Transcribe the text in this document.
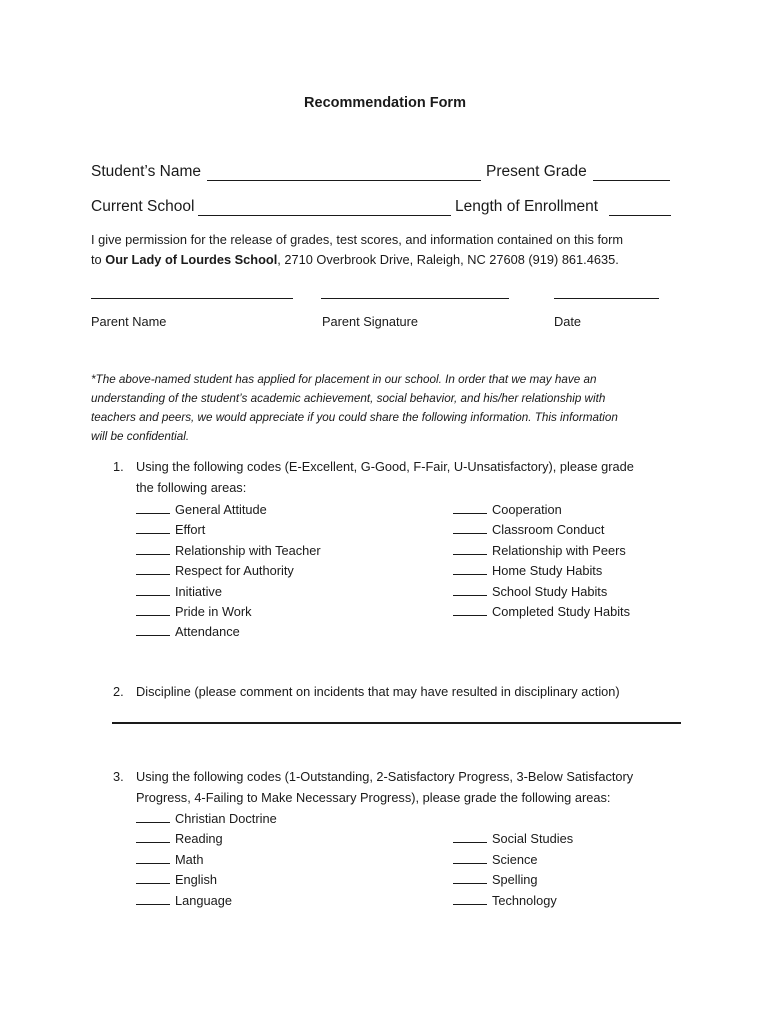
Recommendation Form
Student’s Name	Present Grade
Current School	Length of Enrollment
I give permission for the release of grades, test scores, and information contained on this form
to Our Lady of Lourdes School, 2710 Overbrook Drive, Raleigh, NC 27608 (919) 861.4635.
Parent Name	Parent Signature	Date
*The above-named student has applied for placement in our school. In order that we may have an
understanding of the student’s academic achievement, social behavior, and his/her relationship with
teachers and peers, we would appreciate if you could share the following information. This information
will be confidential.
1. Using the following codes (E-Excellent, G-Good, F-Fair, U-Unsatisfactory), please grade
the following areas:
General Attitude
Effort
Relationship with Teacher
Respect for Authority
Initiative
Pride in Work
Attendance
Cooperation
Classroom Conduct
Relationship with Peers
Home Study Habits
School Study Habits
Completed Study Habits
2. Discipline (please comment on incidents that may have resulted in disciplinary action)
3. Using the following codes (1-Outstanding, 2-Satisfactory Progress, 3-Below Satisfactory
Progress, 4-Failing to Make Necessary Progress), please grade the following areas:
Christian Doctrine
Reading
Math
English
Language
Social Studies
Science
Spelling
Technology
